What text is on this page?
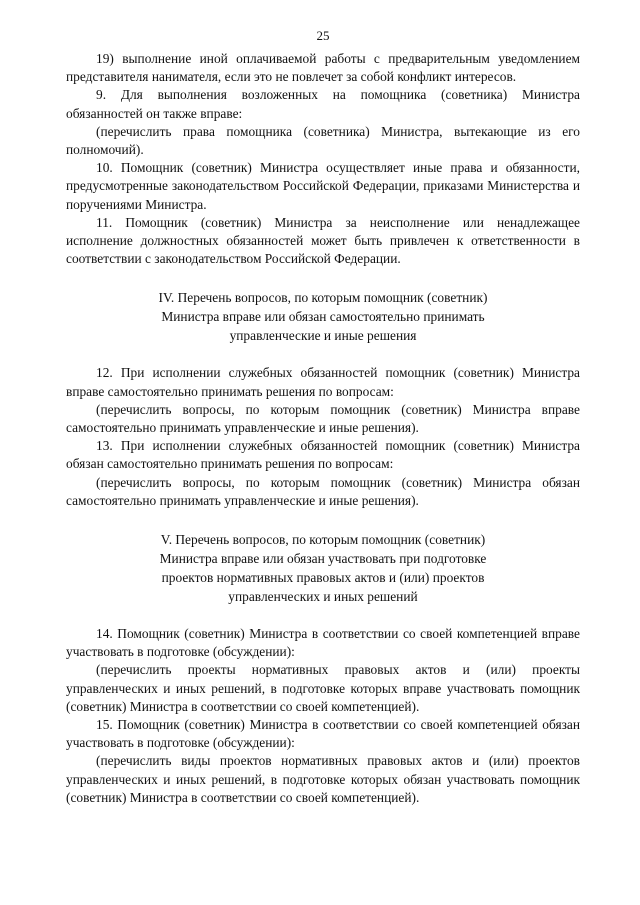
25

19) выполнение иной оплачиваемой работы с предварительным уведомлением представителя нанимателя, если это не повлечет за собой конфликт интересов.

9. Для выполнения возложенных на помощника (советника) Министра обязанностей он также вправе:

(перечислить права помощника (советника) Министра, вытекающие из его полномочий).

10. Помощник (советник) Министра осуществляет иные права и обязанности, предусмотренные законодательством Российской Федерации, приказами Министерства и поручениями Министра.

11. Помощник (советник) Министра за неисполнение или ненадлежащее исполнение должностных обязанностей может быть привлечен к ответственности в соответствии с законодательством Российской Федерации.

IV. Перечень вопросов, по которым помощник (советник)
Министра вправе или обязан самостоятельно принимать
управленческие и иные решения

12. При исполнении служебных обязанностей помощник (советник) Министра вправе самостоятельно принимать решения по вопросам:

(перечислить вопросы, по которым помощник (советник) Министра вправе самостоятельно принимать управленческие и иные решения).

13. При исполнении служебных обязанностей помощник (советник) Министра обязан самостоятельно принимать решения по вопросам:

(перечислить вопросы, по которым помощник (советник) Министра обязан самостоятельно принимать управленческие и иные решения).

V. Перечень вопросов, по которым помощник (советник)
Министра вправе или обязан участвовать при подготовке
проектов нормативных правовых актов и (или) проектов
управленческих и иных решений

14. Помощник (советник) Министра в соответствии со своей компетенцией вправе участвовать в подготовке (обсуждении):

(перечислить проекты нормативных правовых актов и (или) проекты управленческих и иных решений, в подготовке которых вправе участвовать помощник (советник) Министра в соответствии со своей компетенцией).

15. Помощник (советник) Министра в соответствии со своей компетенцией обязан участвовать в подготовке (обсуждении):

(перечислить виды проектов нормативных правовых актов и (или) проектов управленческих и иных решений, в подготовке которых обязан участвовать помощник (советник) Министра в соответствии со своей компетенцией).
